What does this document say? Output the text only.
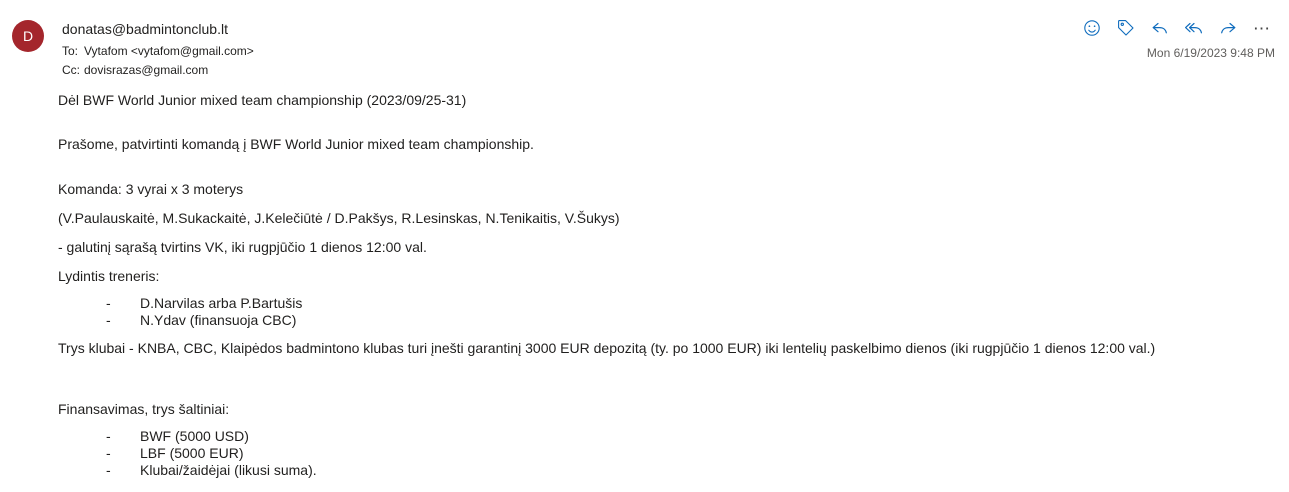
D	donatas@badmintonclub.lt
To: Vytafom <vytafom@gmail.com>
Cc: dovisrazas@gmail.com
⋯
Mon 6/19/2023 9:48 PM
Dėl BWF World Junior mixed team championship (2023/09/25-31)

Prašome, patvirtinti komandą į BWF World Junior mixed team championship.

Komanda: 3 vyrai x 3 moterys

(V.Paulauskaitė, M.Sukackaitė, J.Kelečiūtė / D.Pakšys, R.Lesinskas, N.Tenikaitis, V.Šukys)

- galutinį sąrašą tvirtins VK, iki rugpjūčio 1 dienos 12:00 val.

Lydintis treneris:

-	D.Narvilas arba P.Bartušis
-	N.Ydav (finansuoja CBC)

Trys klubai - KNBA, CBC, Klaipėdos badmintono klubas turi įnešti garantinį 3000 EUR depozitą (ty. po 1000 EUR) iki lentelių paskelbimo dienos (iki rugpjūčio 1 dienos 12:00 val.)

Finansavimas, trys šaltiniai:

-	BWF (5000 USD)
-	LBF (5000 EUR)
-	Klubai/žaidėjai (likusi suma).
